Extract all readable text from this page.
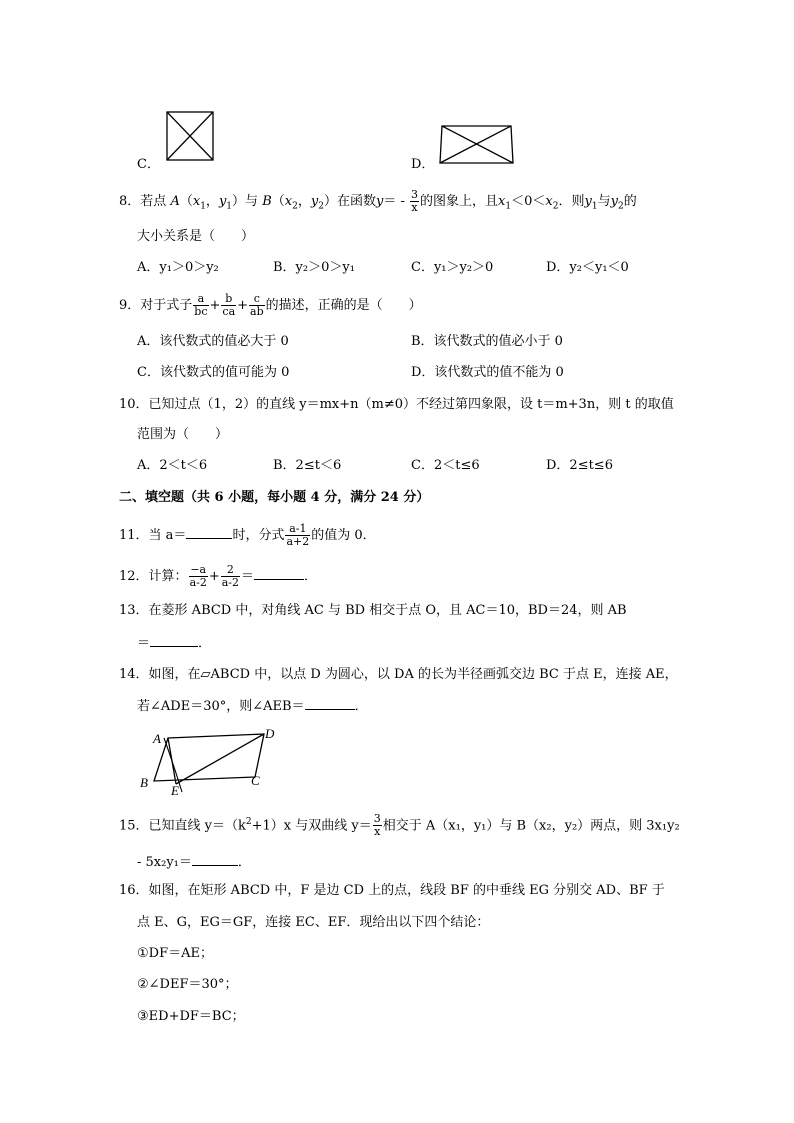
C．	D．
8．若点 $A(x_1$，$y_1$）与 $B(x_2$，$y_2$）在函数$y= - \frac{3}{x}$ 的图象上，且$x_1<0<x_2$．则$y_1$与$y_2$的
大小关系是（　　）
A．y₁＞0＞y₂	B．y₂＞0＞y₁	C．y₁＞y₂＞0	D．y₂＜y₁＜0
9．对于式子 $\frac{a}{bc} + \frac{b}{ca} + \frac{c}{ab}$ 的描述，正确的是（　　）
A．该代数式的值必大于 0	B．该代数式的值必小于 0
C．该代数式的值可能为 0	D．该代数式的值不能为 0
10．已知过点（1，2）的直线 y＝mx+n（m≠0）不经过第四象限，设 t＝m+3n，则 t 的取值
范围为（　　）
A．2＜t＜6	B．2≤t＜6	C．2＜t≤6	D．2≤t≤6
二、填空题（共 6 小题，每小题 4 分，满分 24 分）
11．当 a＝	时，分式 $\frac{a-1}{a+2}$ 的值为 0．
12．计算： $\frac{-a}{a-2} + \frac{2}{a-2}$ ＝	．
13．在菱形 ABCD 中，对角线 AC 与 BD 相交于点 O，且 AC＝10，BD＝24，则 AB
＝	．
14．如图，在▱ABCD 中，以点 D 为圆心，以 DA 的长为半径画弧交边 BC 于点 E，连接 AE，
若∠ADE＝30°，则∠AEB＝	．
A	D
B	C
E
15．已知直线 $y=(k^2+1)x$ 与双曲线 $y= \frac{3}{x}$ 相交于 A（x₁，y₁）与 B（x₂，y₂）两点，则 3x₁y₂
- 5x₂y₁＝	．
16．如图，在矩形 ABCD 中，F 是边 CD 上的点，线段 BF 的中垂线 EG 分别交 AD、BF 于
点 E、G，EG＝GF，连接 EC、EF．现给出以下四个结论：
①DF＝AE；
②∠DEF＝30°；
③ED+DF＝BC；
